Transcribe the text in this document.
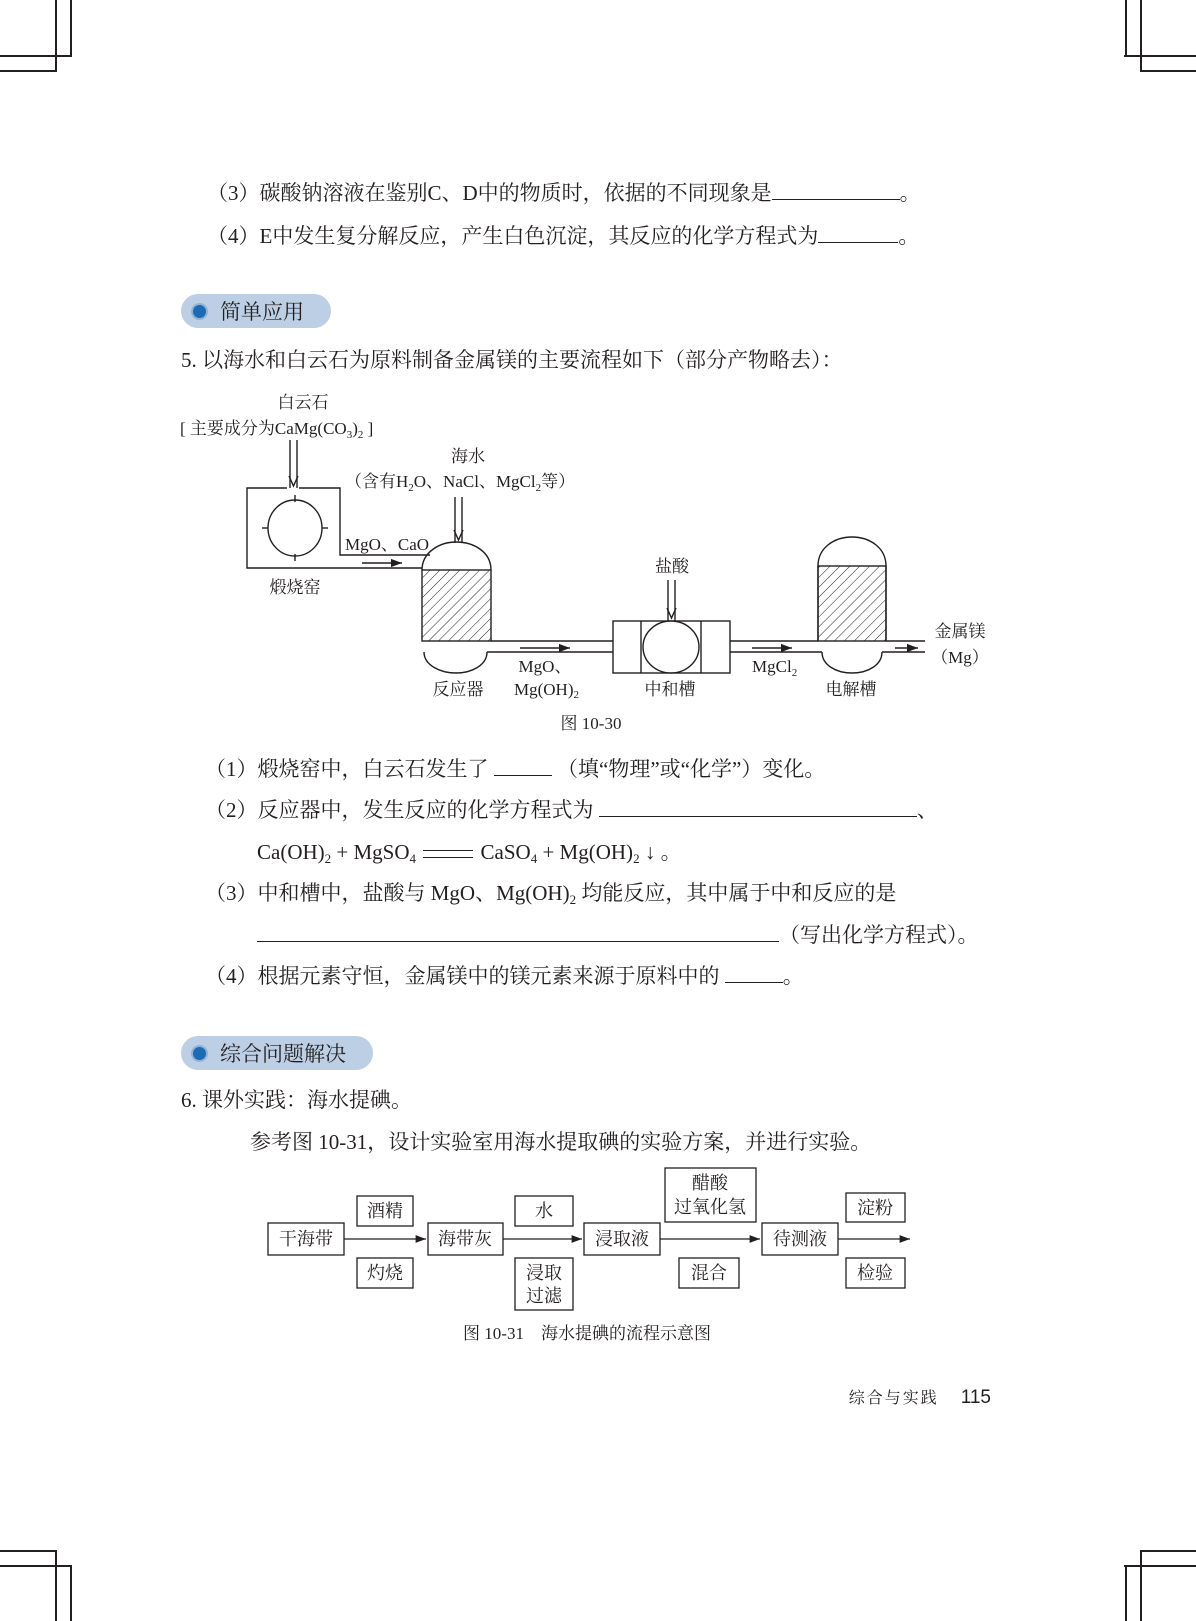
（3）碳酸钠溶液在鉴别C、D中的物质时，依据的不同现象是	。
（4）E中发生复分解反应，产生白色沉淀，其反应的化学方程式为	。
简单应用
5. 以海水和白云石为原料制备金属镁的主要流程如下（部分产物略去）：
白云石
[ 主要成分为$CaMg(CO_3)_2$ ]
海水
（含有$H_2O$、NaCl、MgCl$_2$等）
MgO、CaO
煅烧窑
盐酸
反应器
MgO、
Mg(OH)2	中和槽
MgCl$_2$
电解槽
金属镁
（Mg）
图 10-30
（1）煅烧窑中，白云石发生了	（填“物理”或“化学”）变化。
（2）反应器中，发生反应的化学方程式为	、
$Ca(OH)_2$ + MgSO$_4$	CaSO$_4$ + $Mg(OH)_2$ ↓ 。
（3）中和槽中，盐酸与 MgO、$Mg(OH)_2$ 均能反应，其中属于中和反应的是
（写出化学方程式）。
（4）根据元素守恒，金属镁中的镁元素来源于原料中的	。
综合问题解决
6. 课外实践：海水提碘。
参考图 10-31，设计实验室用海水提取碘的实验方案，并进行实验。
干海带	海带灰	浸取液	待测液
酒精	水
醋酸
过氧化氢	淀粉
灼烧	浸取
过滤
混合	检验
图 10-31　海水提碘的流程示意图
综合与实践 115
